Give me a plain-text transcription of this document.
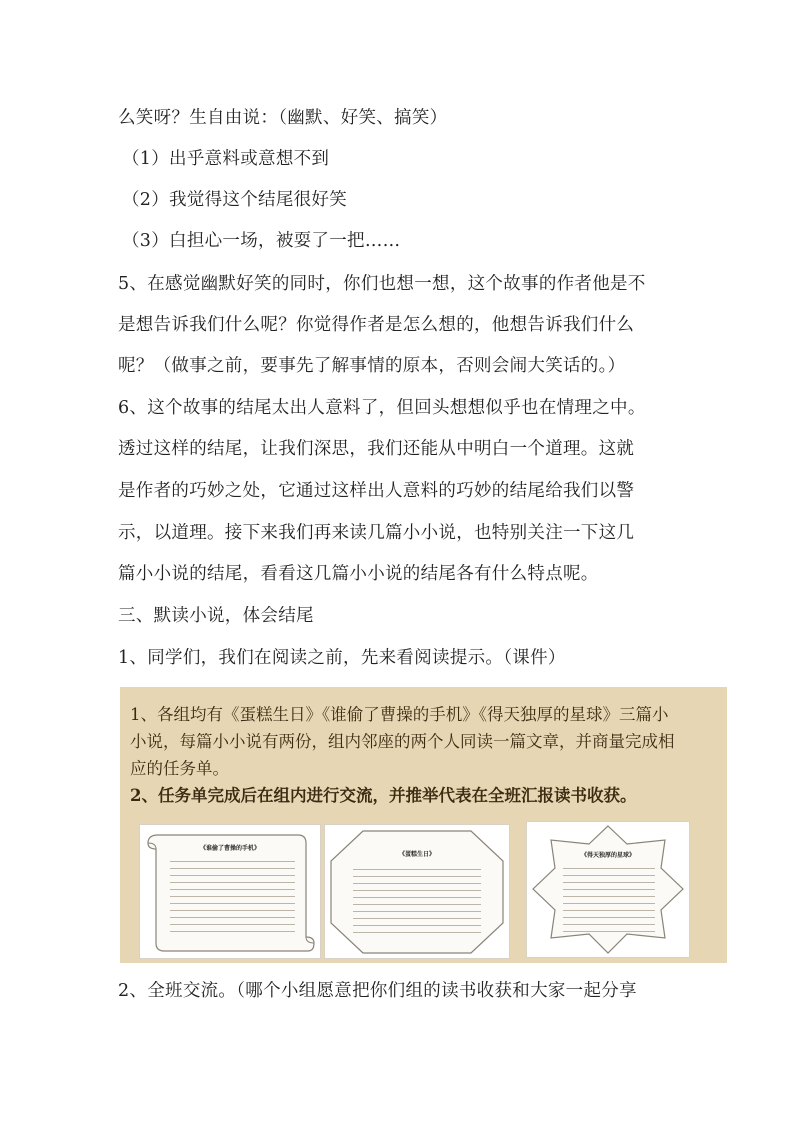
么笑呀？生自由说：（幽默、好笑、搞笑）
（1）出乎意料或意想不到
（2）我觉得这个结尾很好笑
（3）白担心一场，被耍了一把……
5、在感觉幽默好笑的同时，你们也想一想，这个故事的作者他是不
是想告诉我们什么呢？你觉得作者是怎么想的，他想告诉我们什么
呢？（做事之前，要事先了解事情的原本，否则会闹大笑话的。）
6、这个故事的结尾太出人意料了，但回头想想似乎也在情理之中。
透过这样的结尾，让我们深思，我们还能从中明白一个道理。这就
是作者的巧妙之处，它通过这样出人意料的巧妙的结尾给我们以警
示，以道理。接下来我们再来读几篇小小说，也特别关注一下这几
篇小小说的结尾，看看这几篇小小说的结尾各有什么特点呢。
三、默读小说，体会结尾
1、同学们，我们在阅读之前，先来看阅读提示。（课件）
1、各组均有《蛋糕生日》《谁偷了曹操的手机》《得天独厚的星球》三篇小
小说，每篇小小说有两份，组内邻座的两个人同读一篇文章，并商量完成相
应的任务单。
2、任务单完成后在组内进行交流，并推举代表在全班汇报读书收获。
《谁偷了曹操的手机》
《蛋糕生日》	《得天独厚的星球》
2、全班交流。（哪个小组愿意把你们组的读书收获和大家一起分享
